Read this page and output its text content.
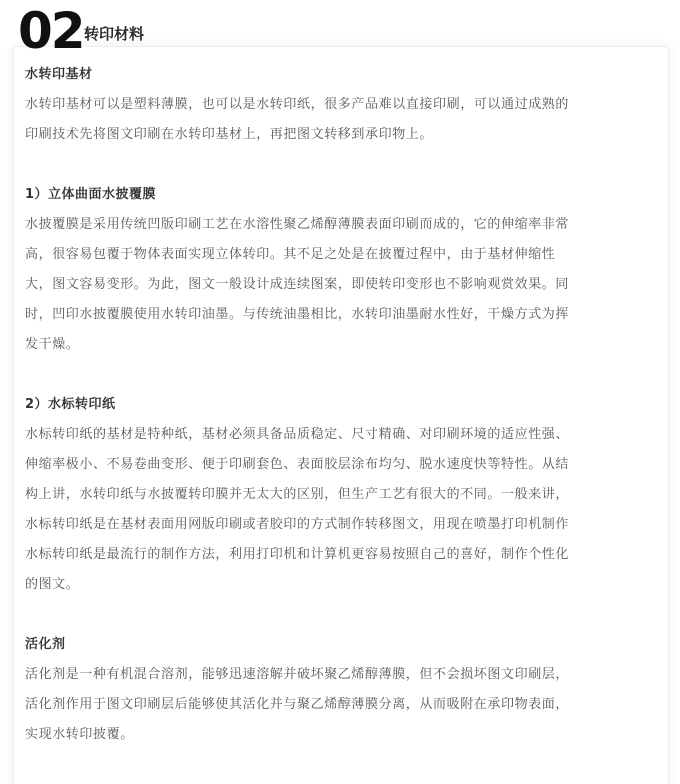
02 转印材料
水转印基材
水转印基材可以是塑料薄膜，也可以是水转印纸，很多产品难以直接印刷，可以通过成熟的
印刷技术先将图文印刷在水转印基材上，再把图文转移到承印物上。
1）立体曲面水披覆膜
水披覆膜是采用传统凹版印刷工艺在水溶性聚乙烯醇薄膜表面印刷而成的，它的伸缩率非常
高，很容易包覆于物体表面实现立体转印。其不足之处是在披覆过程中，由于基材伸缩性
大，图文容易变形。为此，图文一般设计成连续图案，即使转印变形也不影响观赏效果。同
时，凹印水披覆膜使用水转印油墨。与传统油墨相比，水转印油墨耐水性好，干燥方式为挥
发干燥。
2）水标转印纸
水标转印纸的基材是特种纸，基材必须具备品质稳定、尺寸精确、对印刷环境的适应性强、
伸缩率极小、不易卷曲变形、便于印刷套色、表面胶层涂布均匀、脱水速度快等特性。从结
构上讲，水转印纸与水披覆转印膜并无太大的区别，但生产工艺有很大的不同。一般来讲，
水标转印纸是在基材表面用网版印刷或者胶印的方式制作转移图文，用现在喷墨打印机制作
水标转印纸是最流行的制作方法，利用打印机和计算机更容易按照自己的喜好，制作个性化
的图文。
活化剂
活化剂是一种有机混合溶剂，能够迅速溶解并破坏聚乙烯醇薄膜，但不会损坏图文印刷层，
活化剂作用于图文印刷层后能够使其活化并与聚乙烯醇薄膜分离，从而吸附在承印物表面，
实现水转印披覆。
